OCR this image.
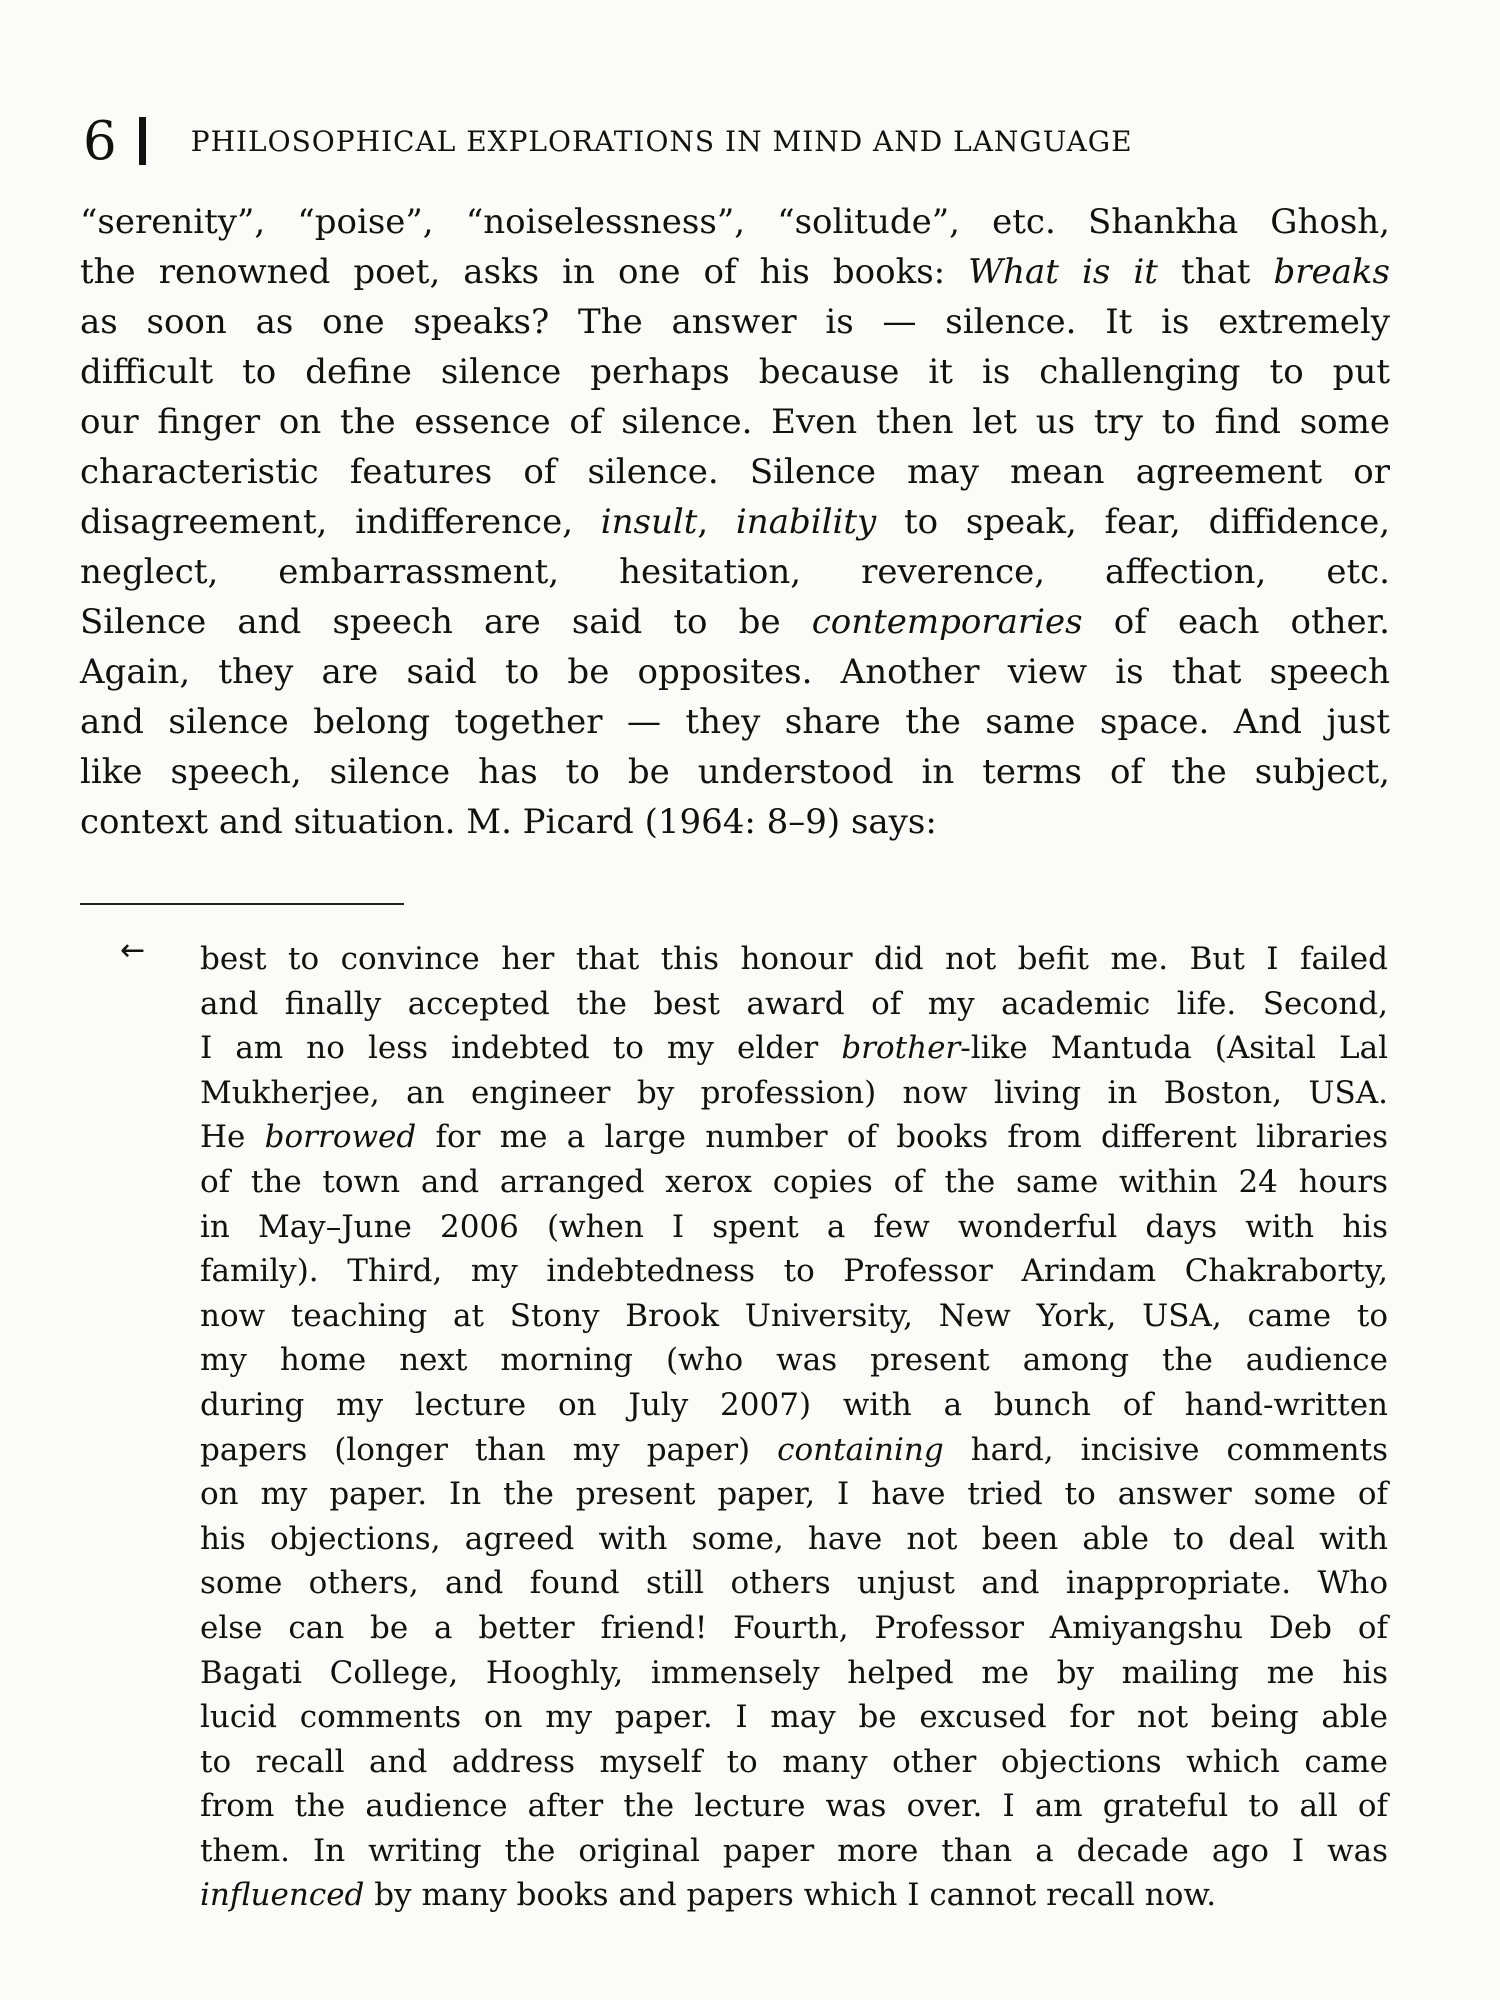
6	PHILOSOPHICAL EXPLORATIONS IN MIND AND LANGUAGE
“serenity”, “poise”, “noiselessness”, “solitude”, etc. Shankha Ghosh,
the renowned poet, asks in one of his books: What is it that breaks
as soon as one speaks? The answer is — silence. It is extremely
difficult to define silence perhaps because it is challenging to put
our finger on the essence of silence. Even then let us try to find some
characteristic features of silence. Silence may mean agreement or
disagreement, indifference, insult, inability to speak, fear, diffidence,
neglect, embarrassment, hesitation, reverence, affection, etc.
Silence and speech are said to be contemporaries of each other.
Again, they are said to be opposites. Another view is that speech
and silence belong together — they share the same space. And just
like speech, silence has to be understood in terms of the subject,
context and situation. M. Picard (1964: 8–9) says:
← best to convince her that this honour did not befit me. But I failed
and finally accepted the best award of my academic life. Second,
I am no less indebted to my elder brother-like Mantuda (Asital Lal
Mukherjee, an engineer by profession) now living in Boston, USA.
He borrowed for me a large number of books from different libraries
of the town and arranged xerox copies of the same within 24 hours
in May–June 2006 (when I spent a few wonderful days with his
family). Third, my indebtedness to Professor Arindam Chakraborty,
now teaching at Stony Brook University, New York, USA, came to
my home next morning (who was present among the audience
during my lecture on July 2007) with a bunch of hand-written
papers (longer than my paper) containing hard, incisive comments
on my paper. In the present paper, I have tried to answer some of
his objections, agreed with some, have not been able to deal with
some others, and found still others unjust and inappropriate. Who
else can be a better friend! Fourth, Professor Amiyangshu Deb of
Bagati College, Hooghly, immensely helped me by mailing me his
lucid comments on my paper. I may be excused for not being able
to recall and address myself to many other objections which came
from the audience after the lecture was over. I am grateful to all of
them. In writing the original paper more than a decade ago I was
influenced by many books and papers which I cannot recall now.
